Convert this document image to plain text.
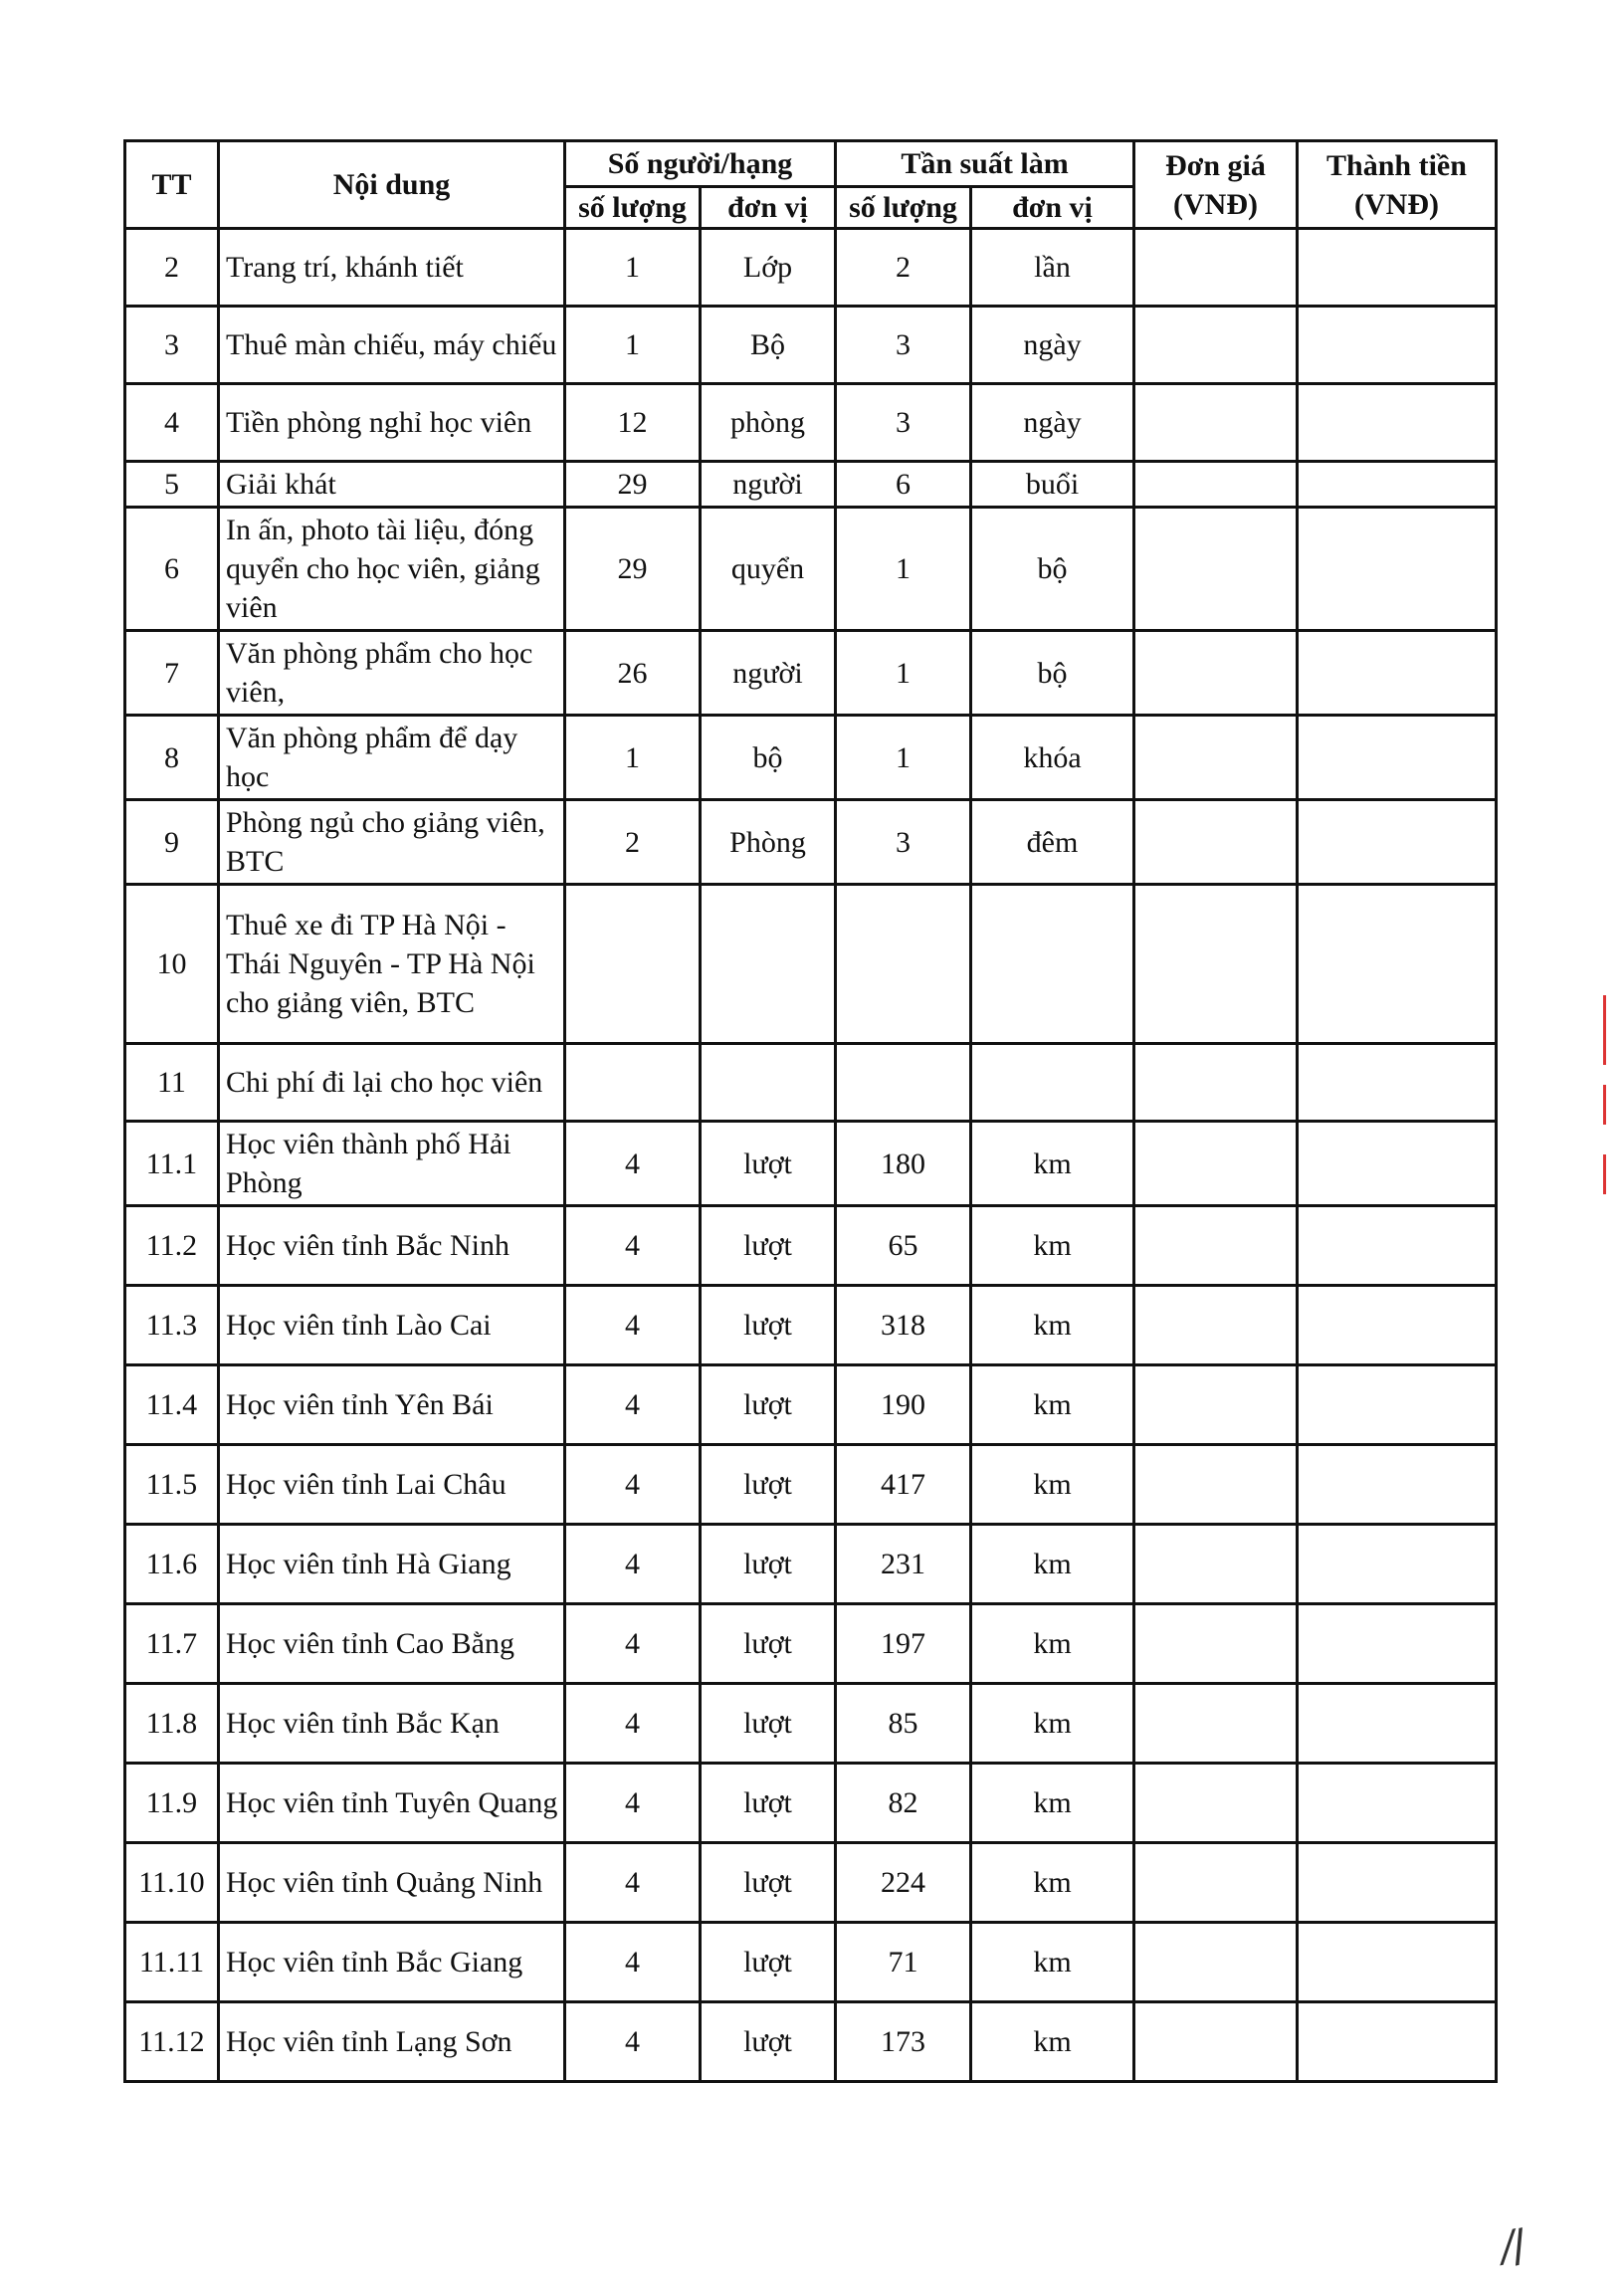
TT	Nội dung	Số người/hạng		Tần suất làm		Đơn giá (VNĐ)	Thành tiền (VNĐ)
		số lượng	đơn vị	số lượng	đơn vị		
2	Trang trí, khánh tiết	1	Lớp	2	lần		
3	Thuê màn chiếu, máy chiếu	1	Bộ	3	ngày		
4	Tiền phòng nghỉ học viên	12	phòng	3	ngày		
5	Giải khát	29	người	6	buổi		
6	In ấn, photo tài liệu, đóng quyển cho học viên, giảng viên	29	quyển	1	bộ		
7	Văn phòng phẩm cho học viên,	26	người	1	bộ		
8	Văn phòng phẩm để dạy học	1	bộ	1	khóa		
9	Phòng ngủ cho giảng viên, BTC	2	Phòng	3	đêm		
10	Thuê xe đi TP Hà Nội - Thái Nguyên - TP Hà Nội cho giảng viên, BTC						
11	Chi phí đi lại cho học viên						
11.1	Học viên thành phố Hải Phòng	4	lượt	180	km		
11.2	Học viên tỉnh Bắc Ninh	4	lượt	65	km		
11.3	Học viên tỉnh Lào Cai	4	lượt	318	km		
11.4	Học viên tỉnh Yên Bái	4	lượt	190	km		
11.5	Học viên tỉnh Lai Châu	4	lượt	417	km		
11.6	Học viên tỉnh Hà Giang	4	lượt	231	km		
11.7	Học viên tỉnh Cao Bằng	4	lượt	197	km		
11.8	Học viên tỉnh Bắc Kạn	4	lượt	85	km		
11.9	Học viên tỉnh Tuyên Quang	4	lượt	82	km		
11.10	Học viên tỉnh Quảng Ninh	4	lượt	224	km		
11.11	Học viên tỉnh Bắc Giang	4	lượt	71	km		
11.12	Học viên tỉnh Lạng Sơn	4	lượt	173	km		
⁄/
